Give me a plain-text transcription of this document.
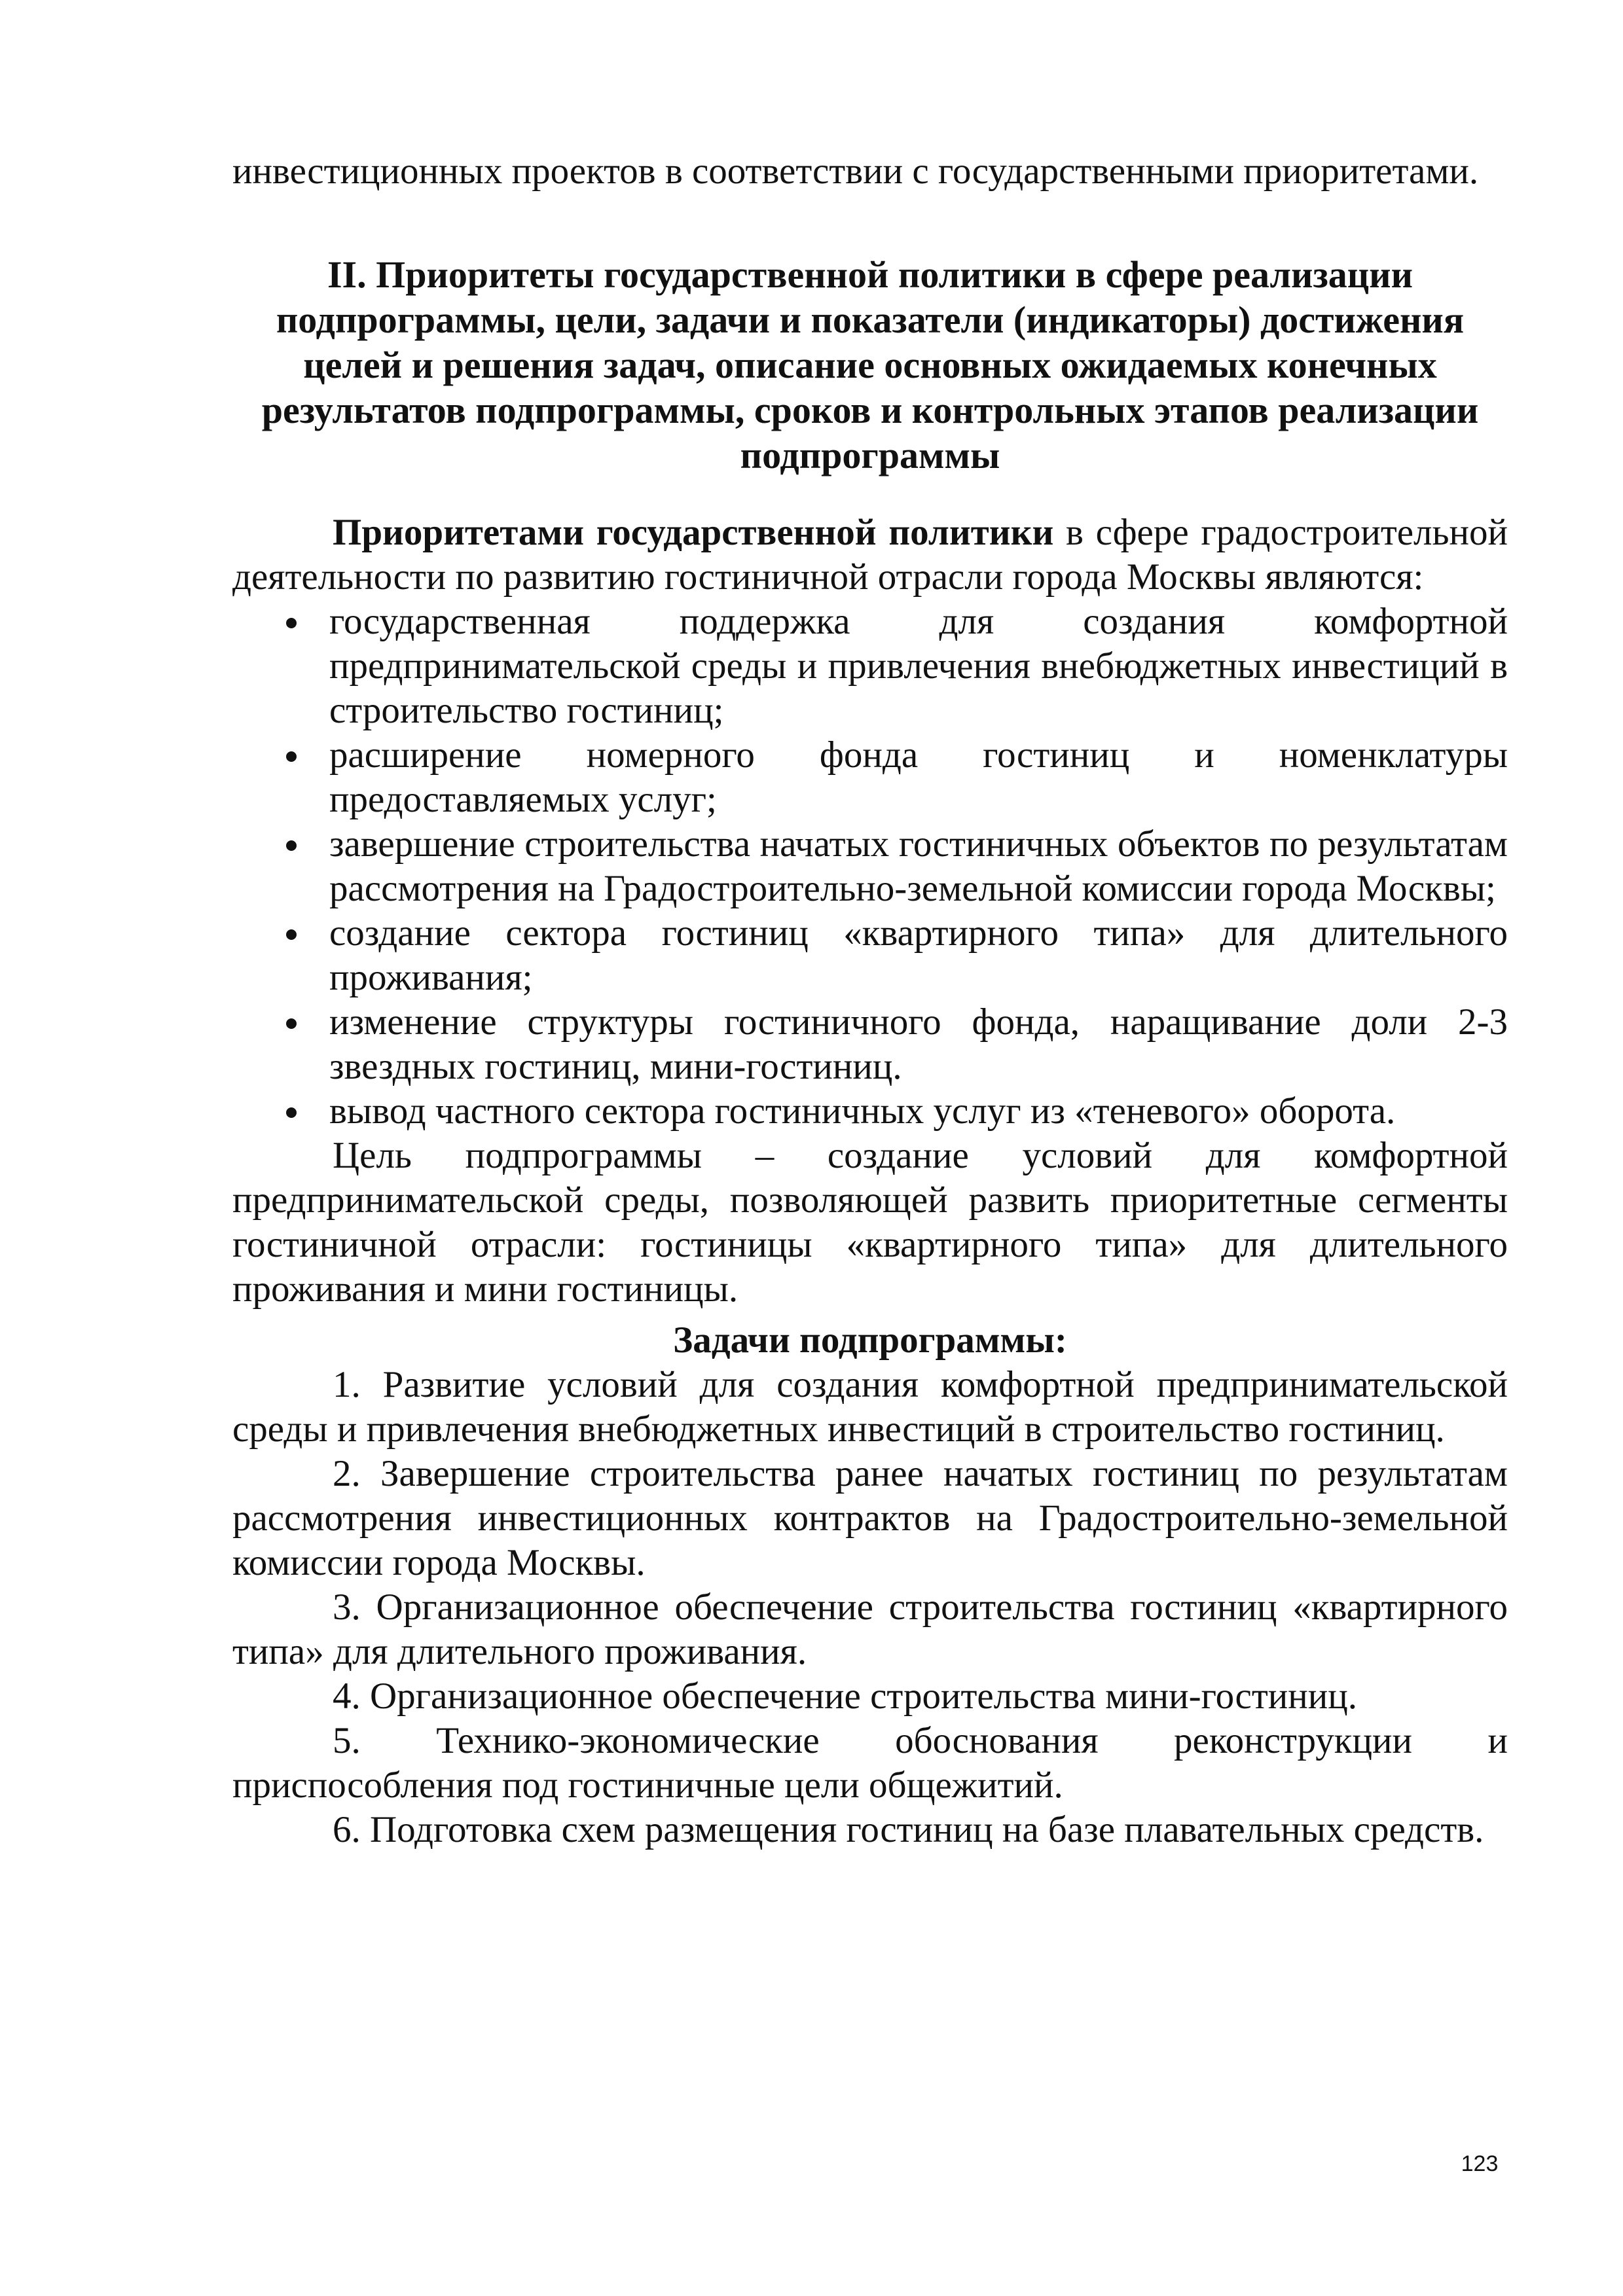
инвестиционных проектов в соответствии с государственными приоритетами.

II. Приоритеты государственной политики в сфере реализации подпрограммы, цели, задачи и показатели (индикаторы) достижения целей и решения задач, описание основных ожидаемых конечных результатов подпрограммы, сроков и контрольных этапов реализации подпрограммы

Приоритетами государственной политики в сфере градостроительной деятельности по развитию гостиничной отрасли города Москвы являются:

государственная поддержка для создания комфортной предпринимательской среды и привлечения внебюджетных инвестиций в строительство гостиниц;
расширение номерного фонда гостиниц и номенклатуры предоставляемых услуг;
завершение строительства начатых гостиничных объектов по результатам рассмотрения на Градостроительно-земельной комиссии города Москвы;
создание сектора гостиниц «квартирного типа» для длительного проживания;
изменение структуры гостиничного фонда, наращивание доли 2-3 звездных гостиниц, мини-гостиниц.
вывод частного сектора гостиничных услуг из «теневого» оборота.

Цель подпрограммы – создание условий для комфортной предпринимательской среды, позволяющей развить приоритетные сегменты гостиничной отрасли: гостиницы «квартирного типа» для длительного проживания и мини гостиницы.

Задачи подпрограммы:

1. Развитие условий для создания комфортной предпринимательской среды и привлечения внебюджетных инвестиций в строительство гостиниц.

2. Завершение строительства ранее начатых гостиниц по результатам рассмотрения инвестиционных контрактов на Градостроительно-земельной комиссии города Москвы.

3. Организационное обеспечение строительства гостиниц «квартирного типа» для длительного проживания.

4. Организационное обеспечение строительства мини-гостиниц.

5. Технико-экономические обоснования реконструкции и приспособления под гостиничные цели общежитий.

6. Подготовка схем размещения гостиниц на базе плавательных средств.

123
